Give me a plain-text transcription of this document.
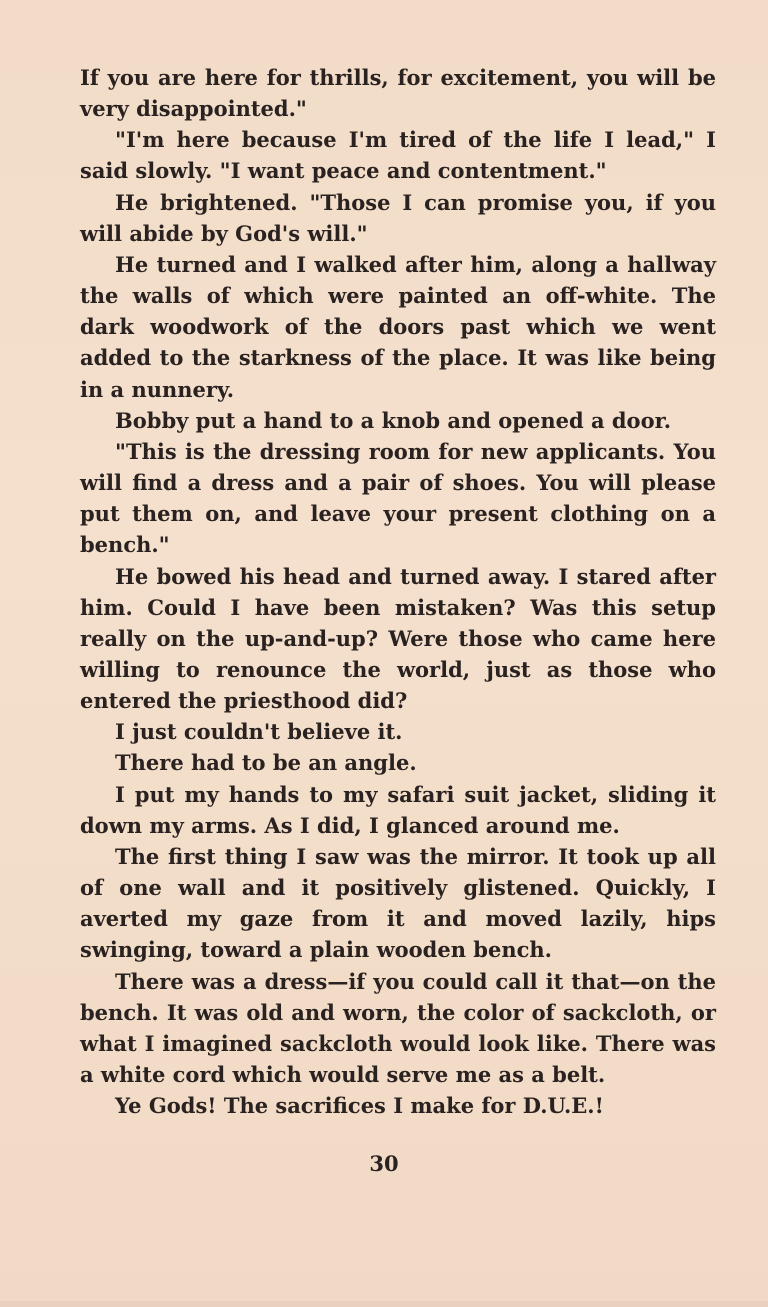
If you are here for thrills, for excitement, you will be very disappointed."

"I'm here because I'm tired of the life I lead," I said slowly. "I want peace and contentment."

He brightened. "Those I can promise you, if you will abide by God's will."

He turned and I walked after him, along a hallway the walls of which were painted an off-white. The dark woodwork of the doors past which we went added to the starkness of the place. It was like being in a nunnery.

Bobby put a hand to a knob and opened a door.

"This is the dressing room for new applicants. You will find a dress and a pair of shoes. You will please put them on, and leave your present clothing on a bench."

He bowed his head and turned away. I stared after him. Could I have been mistaken? Was this setup really on the up-and-up? Were those who came here willing to renounce the world, just as those who entered the priesthood did?

I just couldn't believe it.

There had to be an angle.

I put my hands to my safari suit jacket, sliding it down my arms. As I did, I glanced around me.

The first thing I saw was the mirror. It took up all of one wall and it positively glistened. Quickly, I averted my gaze from it and moved lazily, hips swinging, toward a plain wooden bench.

There was a dress—if you could call it that—on the bench. It was old and worn, the color of sackcloth, or what I imagined sackcloth would look like. There was a white cord which would serve me as a belt.

Ye Gods! The sacrifices I make for D.U.E.!

30
